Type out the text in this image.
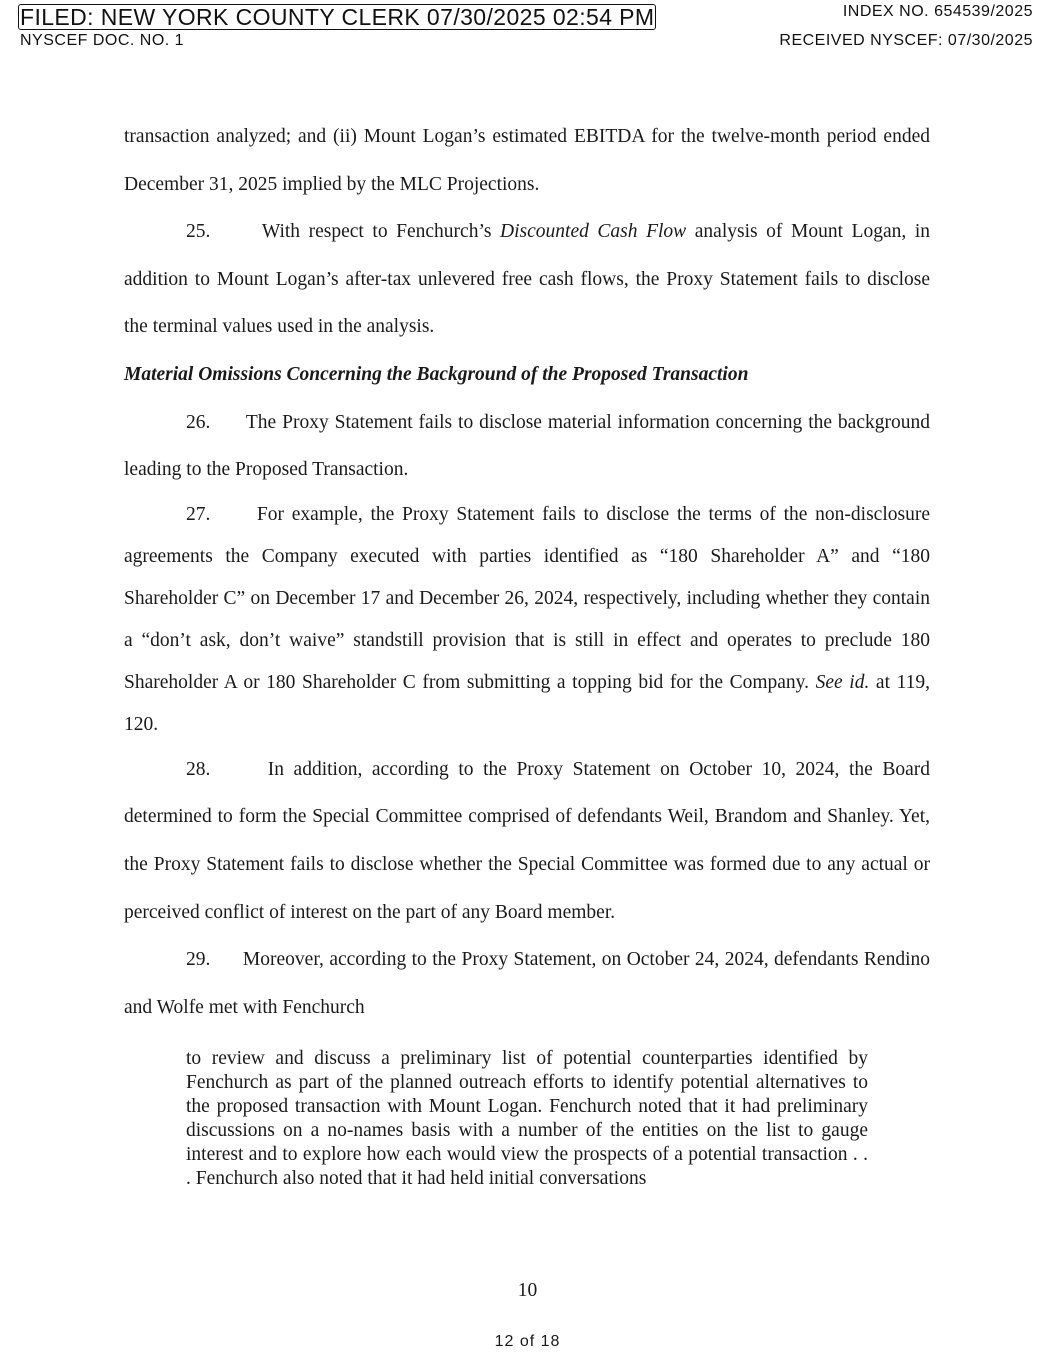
FILED: NEW YORK COUNTY CLERK 07/30/2025 02:54 PM	INDEX NO. 654539/2025
NYSCEF DOC. NO. 1	RECEIVED NYSCEF: 07/30/2025

transaction analyzed; and (ii) Mount Logan’s estimated EBITDA for the twelve-month period ended December 31, 2025 implied by the MLC Projections.

25.      With respect to Fenchurch’s Discounted Cash Flow analysis of Mount Logan, in addition to Mount Logan’s after-tax unlevered free cash flows, the Proxy Statement fails to disclose the terminal values used in the analysis.

Material Omissions Concerning the Background of the Proposed Transaction

26.      The Proxy Statement fails to disclose material information concerning the background leading to the Proposed Transaction.

27.      For example, the Proxy Statement fails to disclose the terms of the non-disclosure agreements the Company executed with parties identified as “180 Shareholder A” and “180 Shareholder C” on December 17 and December 26, 2024, respectively, including whether they contain a “don’t ask, don’t waive” standstill provision that is still in effect and operates to preclude 180 Shareholder A or 180 Shareholder C from submitting a topping bid for the Company. See id. at 119, 120.

28.      In addition, according to the Proxy Statement on October 10, 2024, the Board determined to form the Special Committee comprised of defendants Weil, Brandom and Shanley. Yet, the Proxy Statement fails to disclose whether the Special Committee was formed due to any actual or perceived conflict of interest on the part of any Board member.

29.      Moreover, according to the Proxy Statement, on October 24, 2024, defendants Rendino and Wolfe met with Fenchurch

to review and discuss a preliminary list of potential counterparties identified by Fenchurch as part of the planned outreach efforts to identify potential alternatives to the proposed transaction with Mount Logan. Fenchurch noted that it had preliminary discussions on a no-names basis with a number of the entities on the list to gauge interest and to explore how each would view the prospects of a potential transaction . . . Fenchurch also noted that it had held initial conversations
10
12 of 18
